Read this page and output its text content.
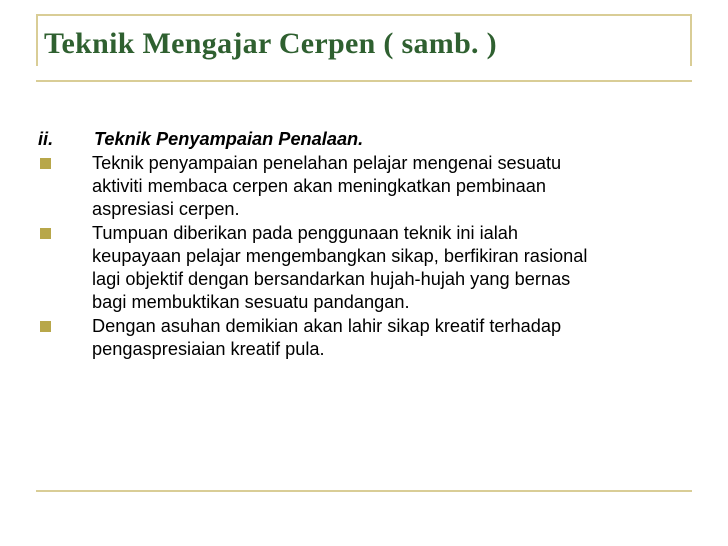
Teknik Mengajar Cerpen ( samb. )
ii.	Teknik Penyampaian Penalaan.
Teknik penyampaian penelahan pelajar mengenai sesuatu
aktiviti membaca cerpen akan meningkatkan pembinaan
aspresiasi cerpen.
Tumpuan diberikan pada penggunaan teknik ini ialah
keupayaan pelajar mengembangkan sikap, berfikiran rasional
lagi objektif dengan bersandarkan hujah-hujah yang bernas
bagi membuktikan sesuatu pandangan.
Dengan asuhan demikian akan lahir sikap kreatif terhadap
pengaspresiaian kreatif pula.
